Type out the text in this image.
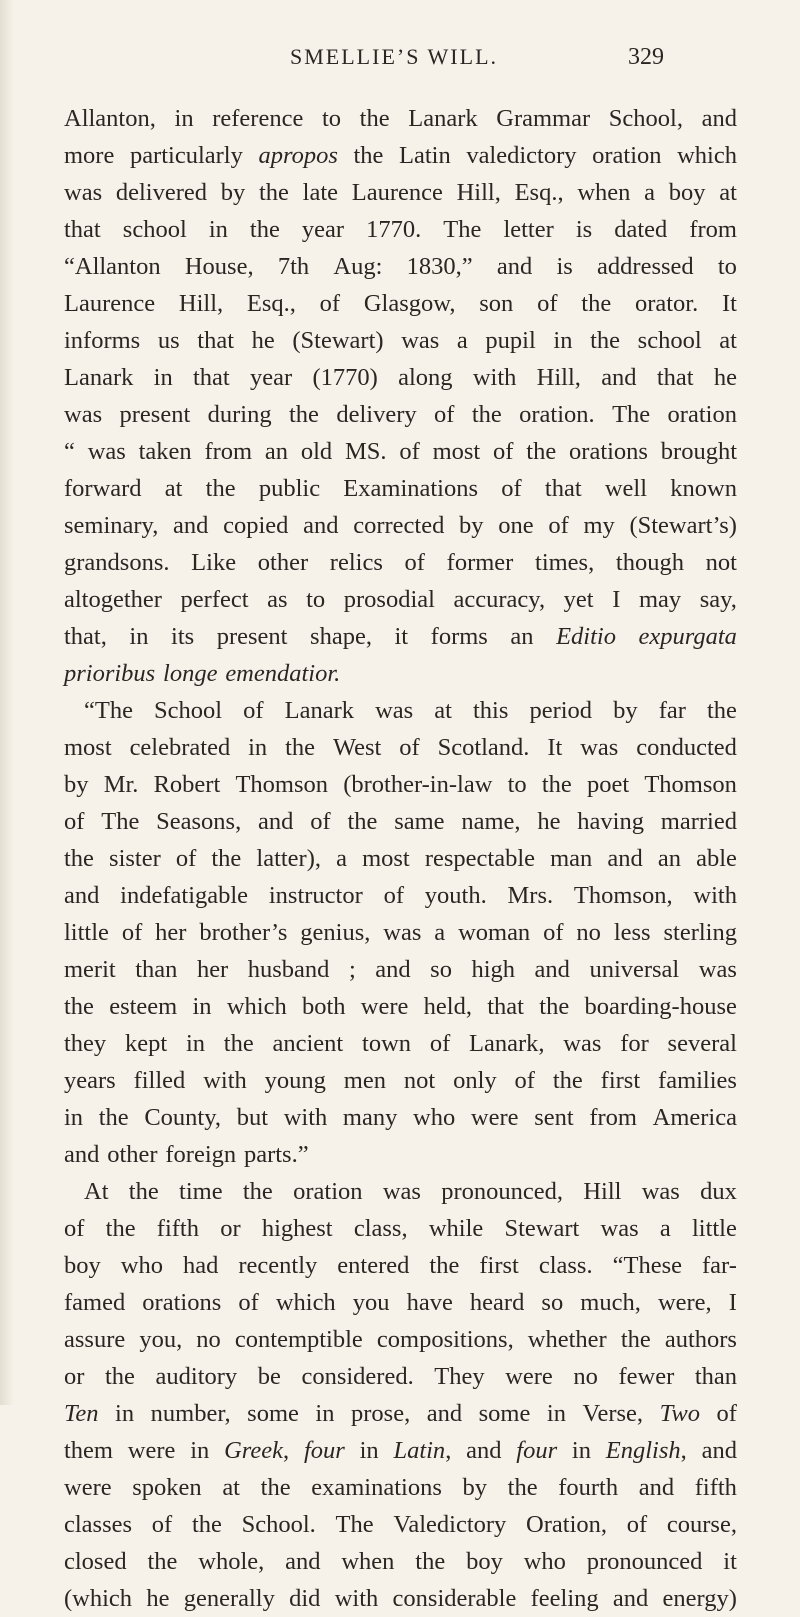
SMELLIE’S WILL.	329
Allanton, in reference to the Lanark Grammar School, and
more particularly apropos the Latin valedictory oration which
was delivered by the late Laurence Hill, Esq., when a boy at
that school in the year 1770. The letter is dated from
“Allanton House, 7th Aug: 1830,” and is addressed to
Laurence Hill, Esq., of Glasgow, son of the orator. It
informs us that he (Stewart) was a pupil in the school at
Lanark in that year (1770) along with Hill, and that he
was present during the delivery of the oration. The oration
“ was taken from an old MS. of most of the orations brought
forward at the public Examinations of that well known
seminary, and copied and corrected by one of my (Stewart’s)
grandsons. Like other relics of former times, though not
altogether perfect as to prosodial accuracy, yet I may say,
that, in its present shape, it forms an Editio expurgata
prioribus longe emendatior.
“The School of Lanark was at this period by far the
most celebrated in the West of Scotland. It was conducted
by Mr. Robert Thomson (brother-in-law to the poet Thomson
of The Seasons, and of the same name, he having married
the sister of the latter), a most respectable man and an able
and indefatigable instructor of youth. Mrs. Thomson, with
little of her brother’s genius, was a woman of no less sterling
merit than her husband ; and so high and universal was
the esteem in which both were held, that the boarding-house
they kept in the ancient town of Lanark, was for several
years filled with young men not only of the first families
in the County, but with many who were sent from America
and other foreign parts.”
At the time the oration was pronounced, Hill was dux
of the fifth or highest class, while Stewart was a little
boy who had recently entered the first class. “These far-
famed orations of which you have heard so much, were, I
assure you, no contemptible compositions, whether the authors
or the auditory be considered. They were no fewer than
Ten in number, some in prose, and some in Verse, Two of
them were in Greek, four in Latin, and four in English, and
were spoken at the examinations by the fourth and fifth
classes of the School. The Valedictory Oration, of course,
closed the whole, and when the boy who pronounced it
(which he generally did with considerable feeling and energy)
